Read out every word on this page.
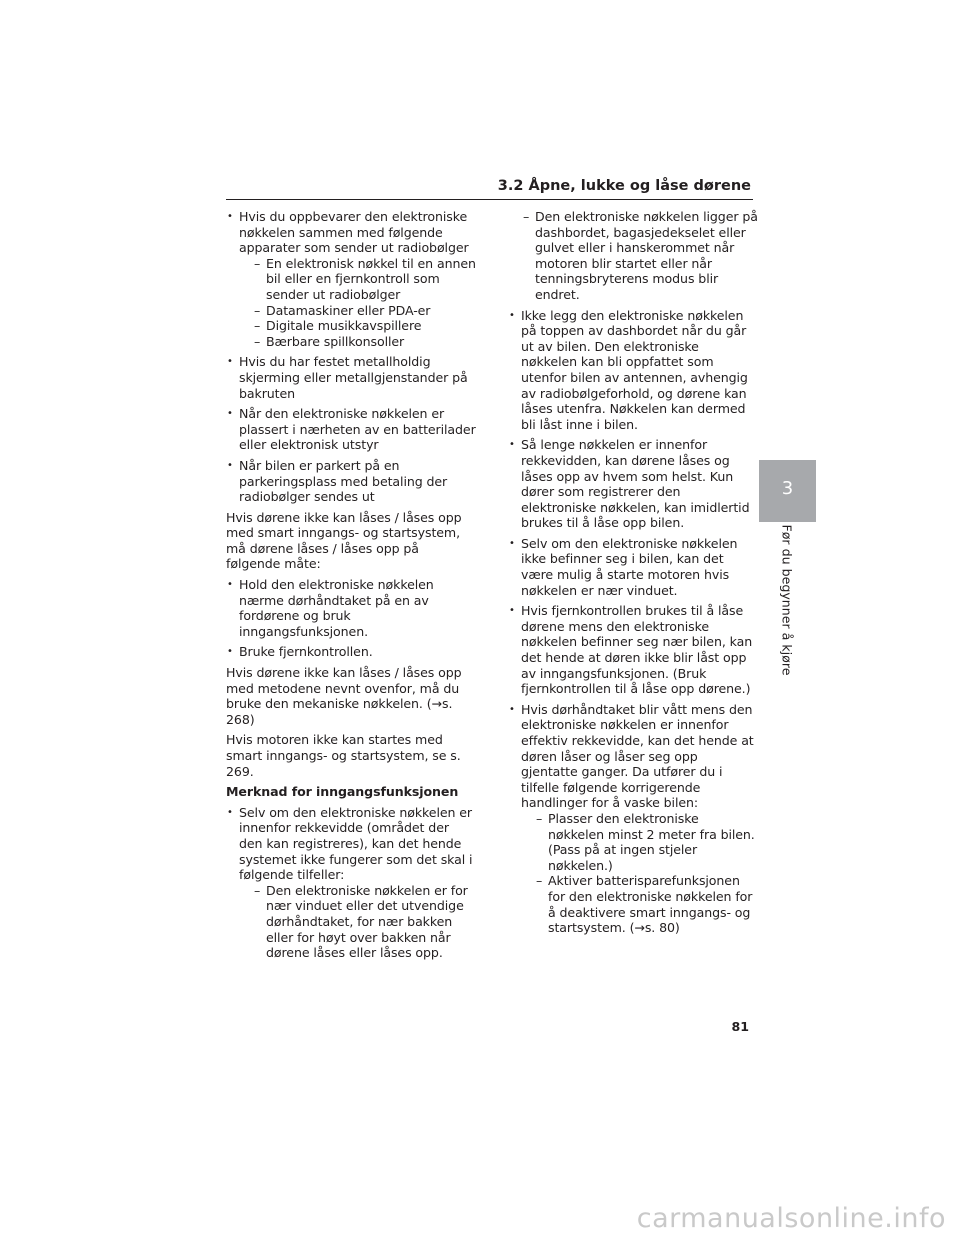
3.2 Åpne, lukke og låse dørene
• Hvis du oppbevarer den elektroniske nøkkelen sammen med følgende apparater som sender ut radiobølger
– En elektronisk nøkkel til en annen bil eller en fjernkontroll som sender ut radiobølger
– Datamaskiner eller PDA-er
– Digitale musikkavspillere
– Bærbare spillkonsoller
• Hvis du har festet metallholdig skjerming eller metallgjenstander på bakruten
• Når den elektroniske nøkkelen er plassert i nærheten av en batterilader eller elektronisk utstyr
• Når bilen er parkert på en parkeringsplass med betaling der radiobølger sendes ut
Hvis dørene ikke kan låses / låses opp med smart inngangs- og startsystem, må dørene låses / låses opp på følgende måte:
• Hold den elektroniske nøkkelen nærme dørhåndtaket på en av fordørene og bruk inngangsfunksjonen.
• Bruke fjernkontrollen.
Hvis dørene ikke kan låses / låses opp med metodene nevnt ovenfor, må du bruke den mekaniske nøkkelen. (→s. 268)
Hvis motoren ikke kan startes med smart inngangs- og startsystem, se s. 269.
Merknad for inngangsfunksjonen
• Selv om den elektroniske nøkkelen er innenfor rekkevidde (området der den kan registreres), kan det hende systemet ikke fungerer som det skal i følgende tilfeller:
– Den elektroniske nøkkelen er for nær vinduet eller det utvendige dørhåndtaket, for nær bakken eller for høyt over bakken når dørene låses eller låses opp.
– Den elektroniske nøkkelen ligger på dashbordet, bagasjedekselet eller gulvet eller i hanskerommet når motoren blir startet eller når tenningsbryterens modus blir endret.
• Ikke legg den elektroniske nøkkelen på toppen av dashbordet når du går ut av bilen. Den elektroniske nøkkelen kan bli oppfattet som utenfor bilen av antennen, avhengig av radiobølgeforhold, og dørene kan låses utenfra. Nøkkelen kan dermed bli låst inne i bilen.
• Så lenge nøkkelen er innenfor rekkevidden, kan dørene låses og låses opp av hvem som helst. Kun dører som registrerer den elektroniske nøkkelen, kan imidlertid brukes til å låse opp bilen.
• Selv om den elektroniske nøkkelen ikke befinner seg i bilen, kan det være mulig å starte motoren hvis nøkkelen er nær vinduet.
• Hvis fjernkontrollen brukes til å låse dørene mens den elektroniske nøkkelen befinner seg nær bilen, kan det hende at døren ikke blir låst opp av inngangsfunksjonen. (Bruk fjernkontrollen til å låse opp dørene.)
• Hvis dørhåndtaket blir vått mens den elektroniske nøkkelen er innenfor effektiv rekkevidde, kan det hende at døren låser og låser seg opp gjentatte ganger. Da utfører du i tilfelle følgende korrigerende handlinger for å vaske bilen:
– Plasser den elektroniske nøkkelen minst 2 meter fra bilen. (Pass på at ingen stjeler nøkkelen.)
– Aktiver batterisparefunksjonen for den elektroniske nøkkelen for å deaktivere smart inngangs- og startsystem. (→s. 80)
3
Før du begynner å kjøre
81
carmanualsonline.info
